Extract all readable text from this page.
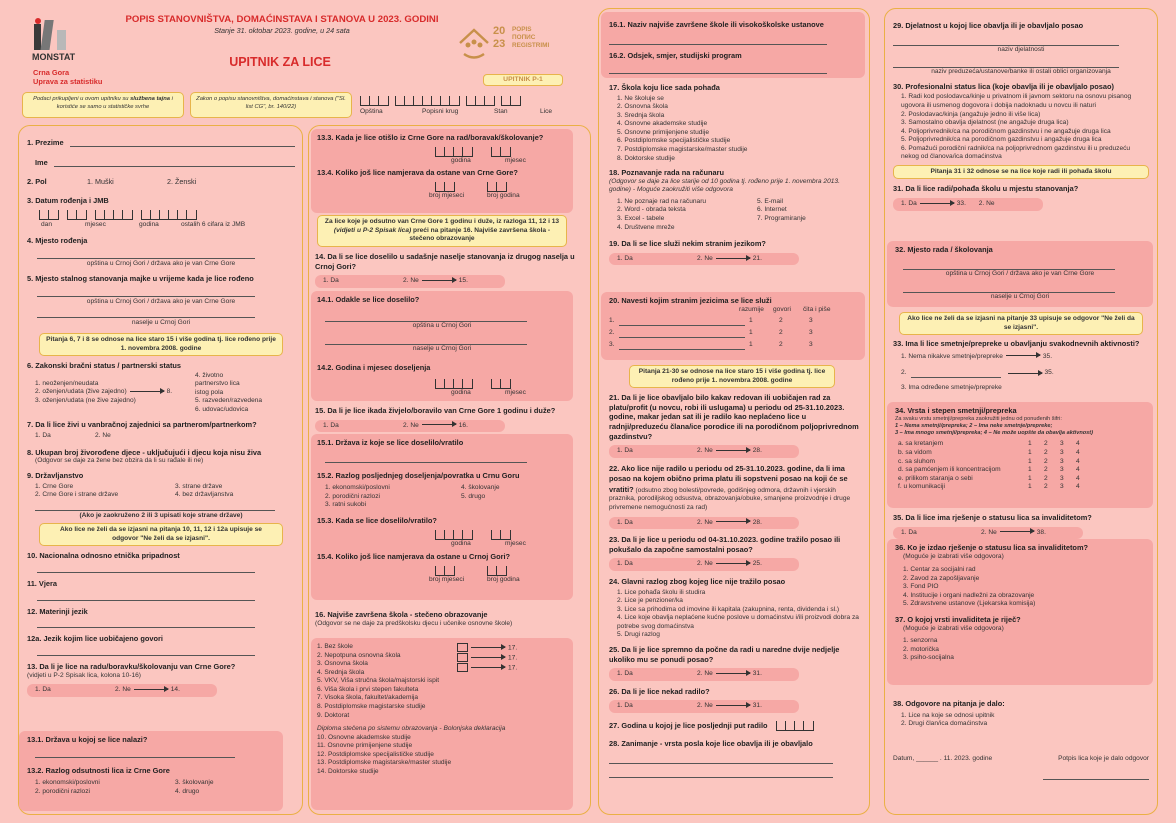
MONSTAT
Crna Gora
Uprava za statistiku
POPIS STANOVNIŠTVA, DOMAĆINSTAVA I STANOVA U 2023. GODINI
Stanje 31. oktobar 2023. godine, u 24 sata
UPITNIK ZA LICE
20
23
POPIS
ПОПИС
REGISTRIMI
UPITNIK P-1
Podaci prikupljeni u ovom upitniku su službena tajna i koristiće se samo u statističke svrhe
Zakon o popisu stanovništva, domaćinstava i stanova ("Sl. list CG", br. 140/22)
Opština	Popisni krug	Stan	Lice
1. Prezime
Ime
2. Pol	1. Muški	2. Ženski
3. Datum rođenja i JMB
dan	mjesec	godina	ostalih 6 cifara iz JMB
4. Mjesto rođenja
opština u Crnoj Gori / država ako je van Crne Gore
5. Mjesto stalnog stanovanja majke u vrijeme kada je lice rođeno
opština u Crnoj Gori / država ako je van Crne Gore
naselje u Crnoj Gori
Pitanja 6, 7 i 8 se odnose na lice staro 15 i više godina tj. lice rođeno prije 1. novembra 2008. godine
6. Zakonski bračni status / partnerski status
1. neoženjen/neudata
2. oženjen/udata (žive zajedno)	8.
3. oženjen/udata (ne žive zajedno)
4. životno partnerstvo lica istog pola
5. razveden/razvedena
6. udovac/udovica
7. Da li lice živi u vanbračnoj zajednici sa partnerom/partnerkom?
1. Da	2. Ne
8. Ukupan broj živorođene djece - uključujući i djecu koja nisu živa
(Odgovor se daje za žene bez obzira da li su rađale ili ne)
9. Državljanstvo
1. Crne Gore
2. Crne Gore i strane države
3. strane države
4. bez državljanstva
(Ako je zaokruženo 2 ili 3 upisati koje strane države)
Ako lice ne želi da se izjasni na pitanja 10, 11, 12 i 12a upisuje se odgovor "Ne želi da se izjasni".
10. Nacionalna odnosno etnička pripadnost
11. Vjera
12. Materinji jezik
12a. Jezik kojim lice uobičajeno govori
13. Da li je lice na radu/boravku/školovanju van Crne Gore?
(vidjeti u P-2 Spisak lica, kolona 10-16)
1. Da	2. Ne	14.
13.1. Država u kojoj se lice nalazi?
13.2. Razlog odsutnosti lica iz Crne Gore
1. ekonomski/poslovni
2. porodični razlozi
3. školovanje
4. drugo
13.3. Kada je lice otišlo iz Crne Gore na rad/boravak/školovanje?
godina	mjesec
13.4. Koliko još lice namjerava da ostane van Crne Gore?
broj mjeseci	broj godina
Za lice koje je odsutno van Crne Gore 1 godinu i duže, iz razloga 11, 12 i 13 (vidjeti u P-2 Spisak lica) preći na pitanje 16. Najviše završena škola - stečeno obrazovanje
14. Da li se lice doselilo u sadašnje naselje stanovanja iz drugog naselja u Crnoj Gori?
1. Da	2. Ne	15.
14.1. Odakle se lice doselilo?
opština u Crnoj Gori
naselje u Crnoj Gori
14.2. Godina i mjesec doseljenja
godina	mjesec
15. Da li je lice ikada živjelo/boravilo van Crne Gore 1 godinu i duže?
1. Da	2. Ne	16.
15.1. Država iz koje se lice doselilo/vratilo
15.2. Razlog posljednjeg doseljenja/povratka u Crnu Goru
1. ekonomski/poslovni
2. porodični razlozi
3. ratni sukobi
4. školovanje
5. drugo
15.3. Kada se lice doselilo/vratilo?
godina	mjesec
15.4. Koliko još lice namjerava da ostane u Crnoj Gori?
broj mjeseci	broj godina
16. Najviše završena škola - stečeno obrazovanje
(Odgovor se ne daje za predškolsku djecu i učenike osnovne škole)
1. Bez škole
2. Nepotpuna osnovna škola
3. Osnovna škola
4. Srednja škola
5. VKV, Viša stručna škola/majstorski ispit
6. Viša škola i prvi stepen fakulteta
7. Visoka škola, fakultet/akademija
8. Postdiplomske magistarske studije
9. Doktorat
17.
17.
17.
Diploma stečena po sistemu obrazovanja - Bolonjska deklaracija
10. Osnovne akademske studije
11. Osnovne primijenjene studije
12. Postdiplomske specijalističke studije
13. Postdiplomske magistarske/master studije
14. Doktorske studije
16.1. Naziv najviše završene škole ili visokoškolske ustanove
16.2. Odsjek, smjer, studijski program
17. Škola koju lice sada pohađa
1. Ne školuje se
2. Osnovna škola
3. Srednja škola
4. Osnovne akademske studije
5. Osnovne primijenjene studije
6. Postdiplomske specijalističke studije
7. Postdiplomske magistarske/master studije
8. Doktorske studije
18. Poznavanje rada na računaru
(Odgovor se daje za lice starije od 10 godina tj. rođeno prije 1. novembra 2013. godine) - Moguće zaokružiti više odgovora
1. Ne poznaje rad na računaru
2. Word - obrada teksta
3. Excel - tabele
4. Društvene mreže
5. E-mail
6. Internet
7. Programiranje
19. Da li se lice služi nekim stranim jezikom?
1. Da	2. Ne	21.
20. Navesti kojim stranim jezicima se lice služi
razumije	govori	čita i piše
1.	1	2	3
2.	1	2	3
3.	1	2	3
Pitanja 21-30 se odnose na lice staro 15 i više godina tj. lice rođeno prije 1. novembra 2008. godine
21. Da li je lice obavljalo bilo kakav redovan ili uobičajen rad za platu/profit (u novcu, robi ili uslugama) u periodu od 25-31.10.2023. godine, makar jedan sat ili je radilo kao neplaćeno lice u radnji/preduzeću člana/ice porodice ili na porodičnom poljoprivrednom gazdinstvu?
1. Da	2. Ne	28.
22. Ako lice nije radilo u periodu od 25-31.10.2023. godine, da li ima posao na kojem obično prima platu ili sopstveni posao na koji će se vratiti? (odsutno zbog bolesti/povrede, godišnjeg odmora, državnih i vjerskih praznika, porodiljskog odsustva, obrazovanja/obuke, smanjene proizvodnje i druge privremene nemogućnosti za rad)
1. Da	2. Ne	28.
23. Da li je lice u periodu od 04-31.10.2023. godine tražilo posao ili pokušalo da započne samostalni posao?
1. Da	2. Ne	25.
24. Glavni razlog zbog kojeg lice nije tražilo posao
1. Lice pohađa školu ili studira
2. Lice je penzioner/ka
3. Lice sa prihodima od imovine ili kapitala (zakupnina, renta, dividenda i sl.)
4. Lice koje obavlja neplaćene kućne poslove u domaćinstvu i/ili proizvodi dobra za potrebe svog domaćinstva
5. Drugi razlog
25. Da li je lice spremno da počne da radi u naredne dvije nedjelje ukoliko mu se ponudi posao?
1. Da	2. Ne	31.
26. Da li je lice nekad radilo?
1. Da	2. Ne	31.
27. Godina u kojoj je lice posljednji put radilo
28. Zanimanje - vrsta posla koje lice obavlja ili je obavljalo
29. Djelatnost u kojoj lice obavlja ili je obavljalo posao
naziv djelatnosti
naziv preduzeća/ustanove/banke ili ostali oblici organizovanja
30. Profesionalni status lica (koje obavlja ili je obavljalo posao)
1. Radi kod poslodavca/kinje u privatnom ili javnom sektoru na osnovu pisanog ugovora ili usmenog dogovora i dobija nadoknadu u novcu ili naturi
2. Poslodavac/kinja (angažuje jedno ili više lica)
3. Samostalno obavlja djelatnost (ne angažuje druga lica)
4. Poljoprivrednik/ca na porodičnom gazdinstvu i ne angažuje druga lica
5. Poljoprivrednik/ca na porodičnom gazdinstvu i angažuje druga lica
6. Pomažući porodični radnik/ca na poljoprivrednom gazdinstvu ili u preduzeću nekog od članova/ica domaćinstva
Pitanja 31 i 32 odnose se na lice koje radi ili pohađa školu
31. Da li lice radi/pohađa školu u mjestu stanovanja?
1. Da	33. 2. Ne
32. Mjesto rada / školovanja
opština u Crnoj Gori / država ako je van Crne Gore
naselje u Crnoj Gori
Ako lice ne želi da se izjasni na pitanje 33 upisuje se odgovor "Ne želi da se izjasni".
33. Ima li lice smetnje/prepreke u obavljanju svakodnevnih aktivnosti?
1. Nema nikakve smetnje/prepreke	35.
2.	35.
3. Ima određene smetnje/prepreke
34. Vrsta i stepen smetnji/prepreka
Za svaku vrstu smetnji/prepreka zaokružiti jednu od ponuđenih šifri:
1 – Nema smetnji/prepreka; 2 – Ima neke smetnje/prepreke;
3 – Ima mnogo smetnji/prepreka; 4 – Ne može uopšte da obavlja aktivnost)
a. sa kretanjem	1	2	3	4
b. sa vidom	1	2	3	4
c. sa sluhom	1	2	3	4
d. sa pamćenjem ili koncentracijom	1	2	3	4
e. prilikom staranja o sebi	1	2	3	4
f. u komunikaciji	1	2	3	4
35. Da li lice ima rješenje o statusu lica sa invaliditetom?
1. Da	2. Ne	38.
36. Ko je izdao rješenje o statusu lica sa invaliditetom?
(Moguće je izabrati više odgovora)
1. Centar za socijalni rad
2. Zavod za zapošljavanje
3. Fond PIO
4. Institucije i organi nadležni za obrazovanje
5. Zdravstvene ustanove (Ljekarska komisija)
37. O kojoj vrsti invaliditeta je riječ?
(Moguće je izabrati više odgovora)
1. senzorna
2. motorička
3. psiho-socijalna
38. Odgovore na pitanja je dalo:
1. Lice na koje se odnosi upitnik
2. Drugi član/ica domaćinstva
Datum, ______ . 11. 2023. godine	Potpis lica koje je dalo odgovor
